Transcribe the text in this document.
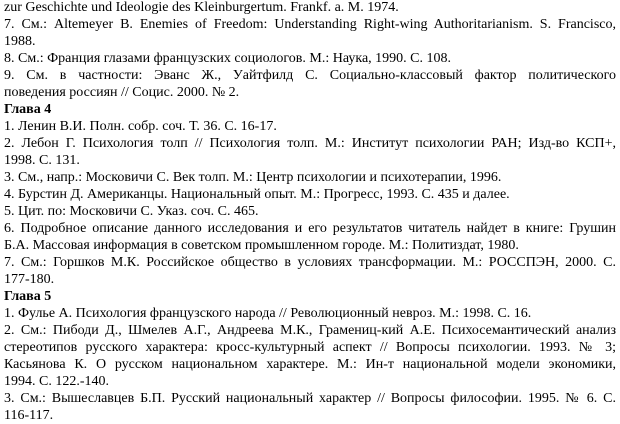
zur Geschichte und Ideologie des Kleinburgertum. Frankf. a. M. 1974.
7. См.: Altemeyer B. Enemies of Freedom: Understanding Right-wing Authoritarianism. S. Francisco,
1988.
8. См.: Франция глазами французских социологов. М.: Наука, 1990. С. 108.
9. См. в частности: Эванс Ж., Уайтфилд С. Социально-классовый фактор политического
поведения россиян // Социс. 2000. № 2.
Глава 4
1. Ленин В.И. Полн. собр. соч. Т. 36. С. 16-17.
2. Лебон Г. Психология толп // Психология толп. М.: Институт психологии РАН; Изд-во КСП+,
1998. С. 131.
3. См., напр.: Московичи С. Век толп. М.: Центр психологии и психотерапии, 1996.
4. Бурстин Д. Американцы. Национальный опыт. М.: Прогресс, 1993. С. 435 и далее.
5. Цит. по: Московичи С. Указ. соч. С. 465.
6. Подробное описание данного исследования и его результатов читатель найдет в книге: Грушин
Б.А. Массовая информация в советском промышленном городе. М.: Политиздат, 1980.
7. См.: Горшков М.К. Российское общество в условиях трансформации. М.: РОССПЭН, 2000. С.
177-180.
Глава 5
1. Фулье А. Психология французского народа // Революционный невроз. М.: 1998. С. 16.
2. См.: Пибоди Д., Шмелев А.Г., Андреева М.К., Грамениц-кий А.Е. Психосемантический анализ
стереотипов русского характера: кросс-культурный аспект // Вопросы психологии. 1993. № 3;
Касьянова К. О русском национальном характере. М.: Ин-т национальной модели экономики,
1994. С. 122.-140.
3. См.: Вышеславцев Б.П. Русский национальный характер // Вопросы философии. 1995. № 6. С.
116-117.
